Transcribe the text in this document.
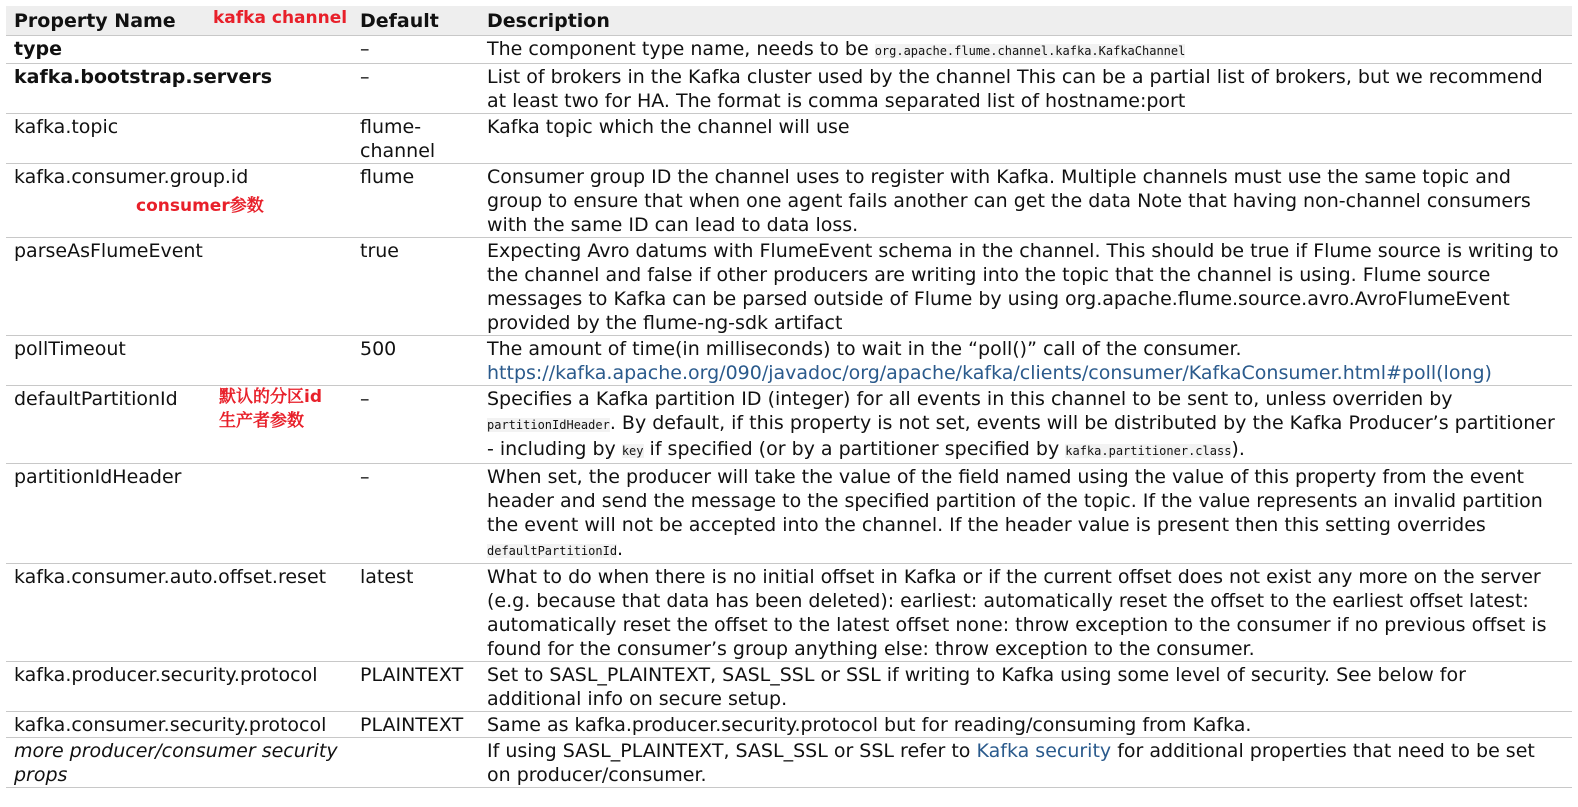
Property Name	Default	Description
type	–	The component type name, needs to be org.apache.flume.channel.kafka.KafkaChannel
kafka.bootstrap.servers	–	List of brokers in the Kafka cluster used by the channel This can be a partial list of brokers, but we recommend at least two for HA. The format is comma separated list of hostname:port
kafka.topic	flume-channel	Kafka topic which the channel will use
kafka.consumer.group.id	flume	Consumer group ID the channel uses to register with Kafka. Multiple channels must use the same topic and group to ensure that when one agent fails another can get the data Note that having non-channel consumers with the same ID can lead to data loss.
parseAsFlumeEvent	true	Expecting Avro datums with FlumeEvent schema in the channel. This should be true if Flume source is writing to the channel and false if other producers are writing into the topic that the channel is using. Flume source messages to Kafka can be parsed outside of Flume by using org.apache.flume.source.avro.AvroFlumeEvent provided by the flume-ng-sdk artifact
pollTimeout	500	The amount of time(in milliseconds) to wait in the “poll()” call of the consumer.
https://kafka.apache.org/090/javadoc/org/apache/kafka/clients/consumer/KafkaConsumer.html#poll(long)
defaultPartitionId	–	Specifies a Kafka partition ID (integer) for all events in this channel to be sent to, unless overriden by partitionIdHeader. By default, if this property is not set, events will be distributed by the Kafka Producer’s partitioner - including by key if specified (or by a partitioner specified by kafka.partitioner.class).
partitionIdHeader	–	When set, the producer will take the value of the field named using the value of this property from the event header and send the message to the specified partition of the topic. If the value represents an invalid partition the event will not be accepted into the channel. If the header value is present then this setting overrides defaultPartitionId.
kafka.consumer.auto.offset.reset	latest	What to do when there is no initial offset in Kafka or if the current offset does not exist any more on the server (e.g. because that data has been deleted): earliest: automatically reset the offset to the earliest offset latest: automatically reset the offset to the latest offset none: throw exception to the consumer if no previous offset is found for the consumer’s group anything else: throw exception to the consumer.
kafka.producer.security.protocol	PLAINTEXT	Set to SASL_PLAINTEXT, SASL_SSL or SSL if writing to Kafka using some level of security. See below for additional info on secure setup.
kafka.consumer.security.protocol	PLAINTEXT	Same as kafka.producer.security.protocol but for reading/consuming from Kafka.
more producer/consumer security props		If using SASL_PLAINTEXT, SASL_SSL or SSL refer to Kafka security for additional properties that need to be set on producer/consumer.
kafka channel
consumer参数
默认的分区id
生产者参数
